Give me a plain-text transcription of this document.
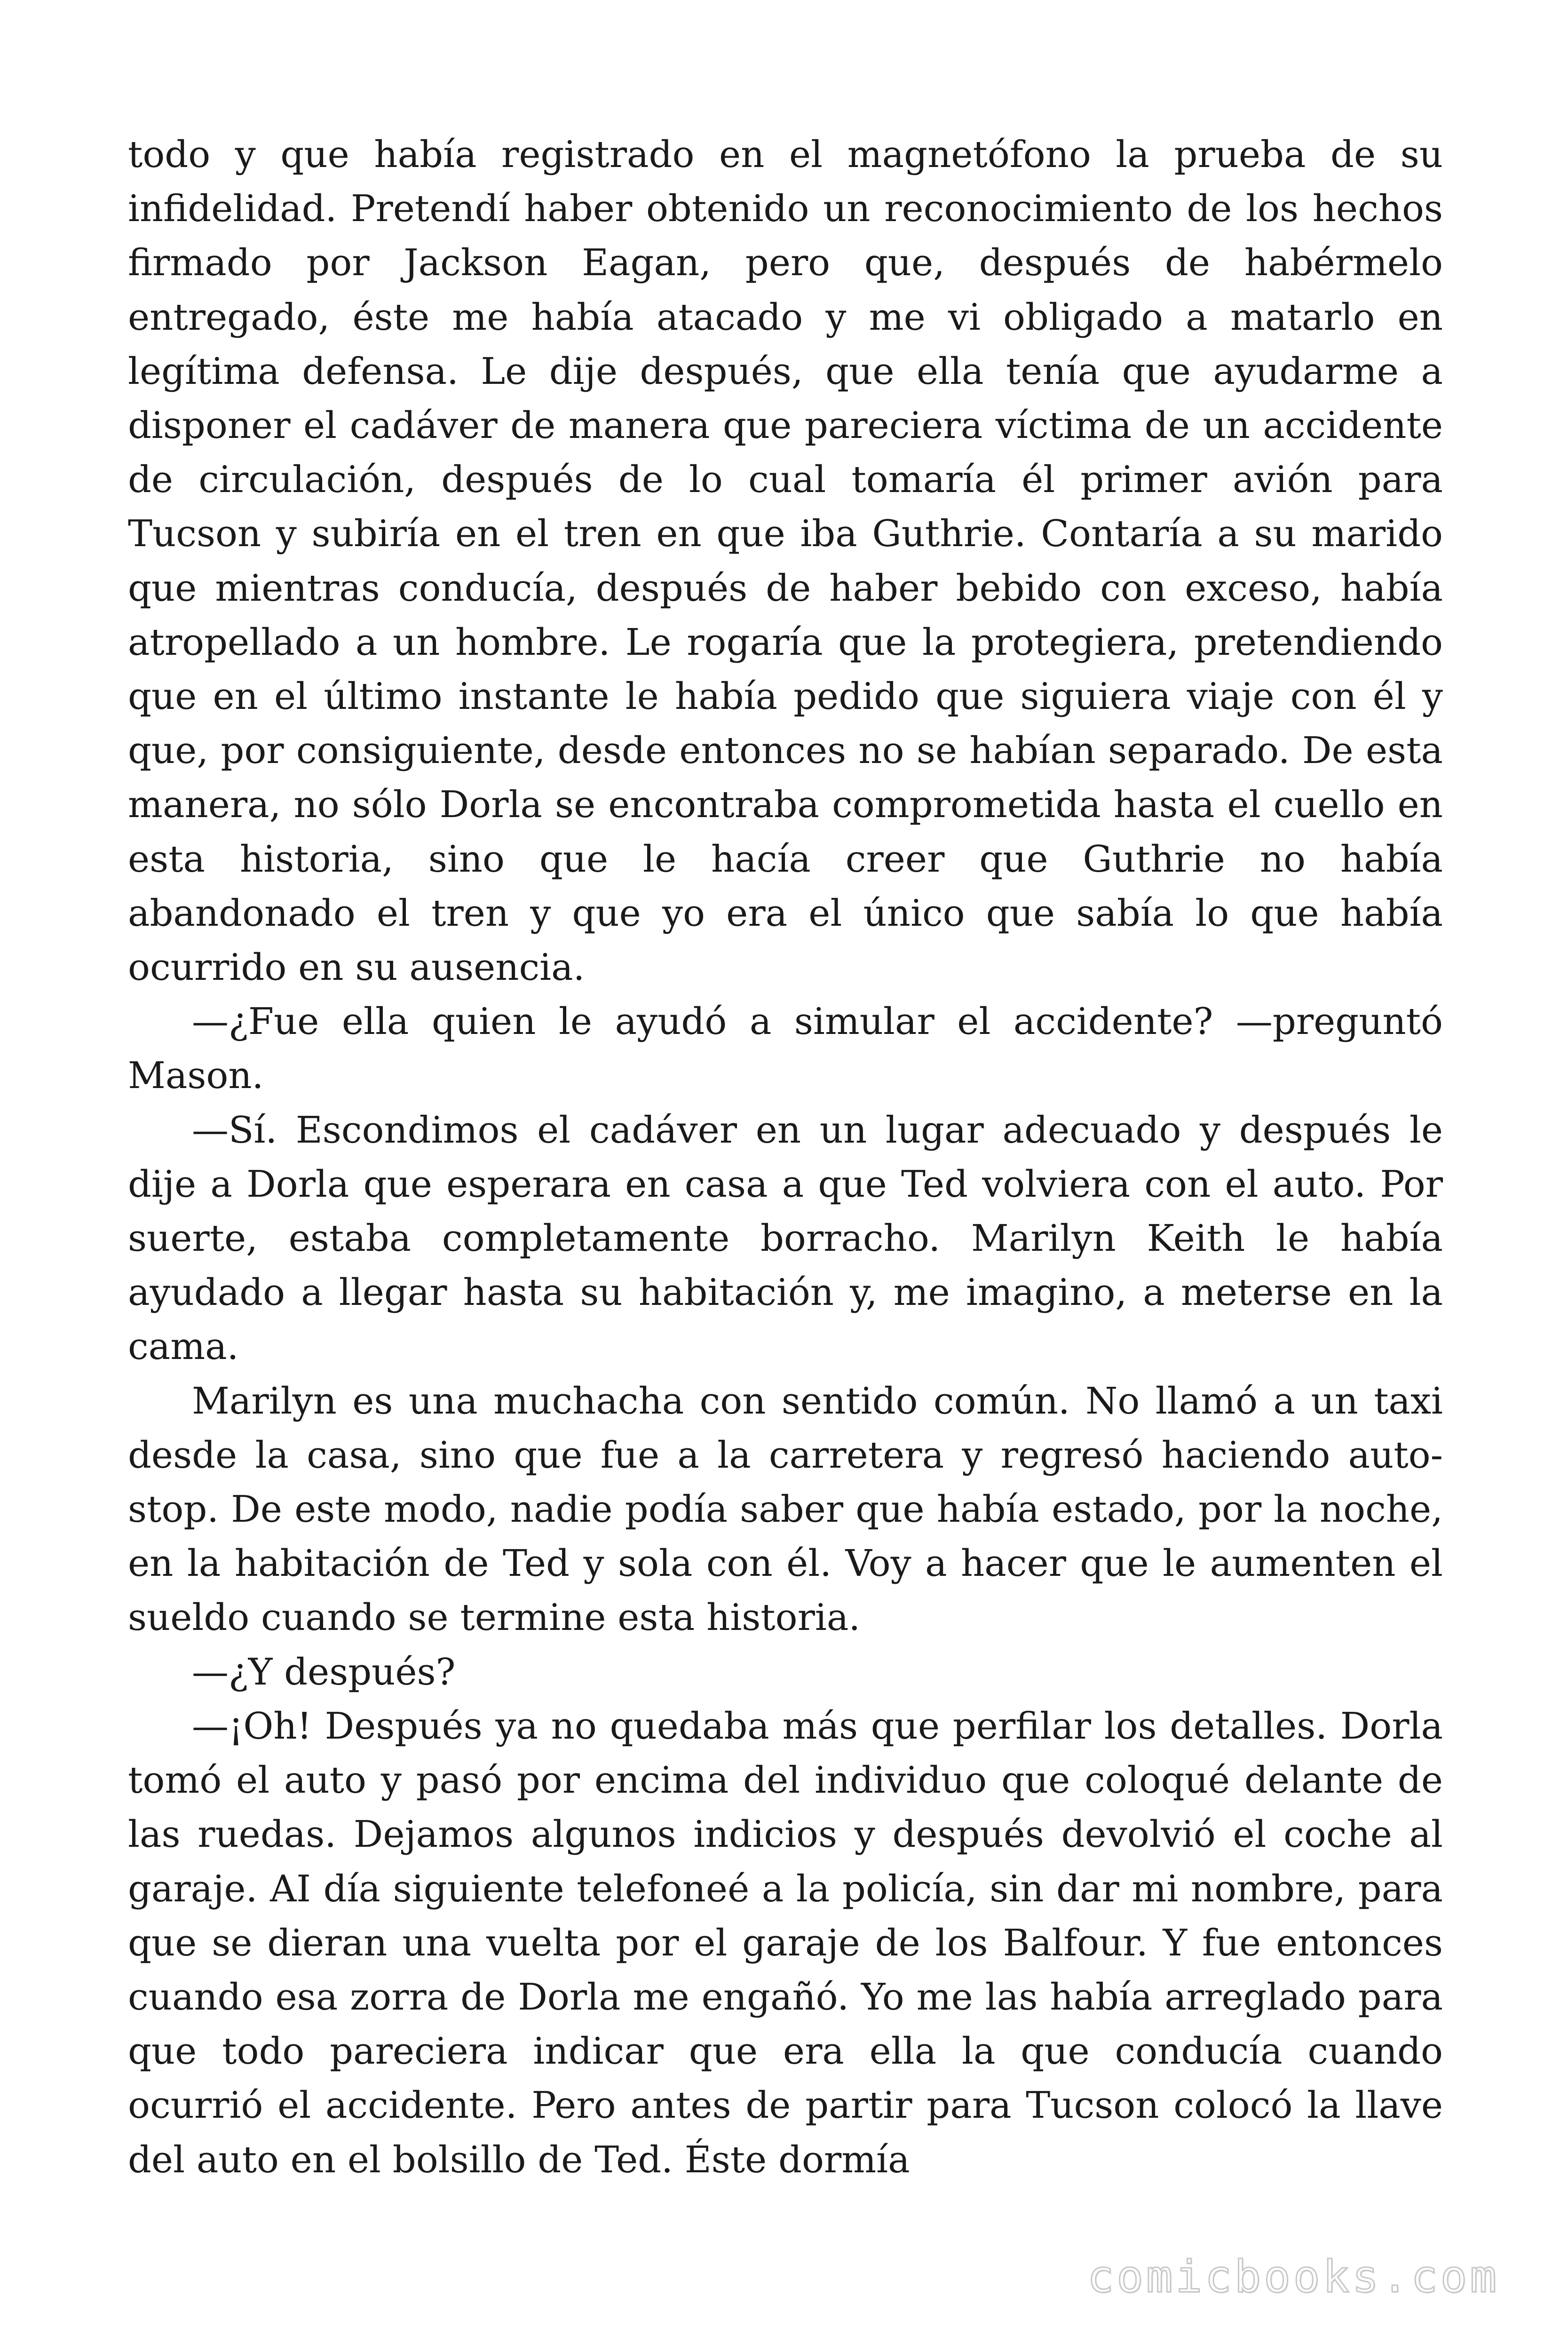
todo y que había registrado en el magnetófono la prueba de su infidelidad. Pretendí haber obtenido un reconocimiento de los hechos firmado por Jackson Eagan, pero que, después de habérmelo entregado, éste me había atacado y me vi obligado a matarlo en legítima defensa. Le dije después, que ella tenía que ayudarme a disponer el cadáver de manera que pareciera víctima de un accidente de circulación, después de lo cual tomaría él primer avión para Tucson y subiría en el tren en que iba Guthrie. Contaría a su marido que mientras conducía, después de haber bebido con exceso, había atropellado a un hombre. Le rogaría que la protegiera, pretendiendo que en el último instante le había pedido que siguiera viaje con él y que, por consiguiente, desde entonces no se habían separado. De esta manera, no sólo Dorla se encontraba comprometida hasta el cuello en esta historia, sino que le hacía creer que Guthrie no había abandonado el tren y que yo era el único que sabía lo que había ocurrido en su ausencia.

—¿Fue ella quien le ayudó a simular el accidente? —preguntó Mason.

—Sí. Escondimos el cadáver en un lugar adecuado y después le dije a Dorla que esperara en casa a que Ted volviera con el auto. Por suerte, estaba completamente borracho. Marilyn Keith le había ayudado a llegar hasta su habitación y, me imagino, a meterse en la cama.

Marilyn es una muchacha con sentido común. No llamó a un taxi desde la casa, sino que fue a la carretera y regresó haciendo auto-stop. De este modo, nadie podía saber que había estado, por la noche, en la habitación de Ted y sola con él. Voy a hacer que le aumenten el sueldo cuando se termine esta historia.

—¿Y después?

—¡Oh! Después ya no quedaba más que perfilar los detalles. Dorla tomó el auto y pasó por encima del individuo que coloqué delante de las ruedas. Dejamos algunos indicios y después devolvió el coche al garaje. AI día siguiente telefoneé a la policía, sin dar mi nombre, para que se dieran una vuelta por el garaje de los Balfour. Y fue entonces cuando esa zorra de Dorla me engañó. Yo me las había arreglado para que todo pareciera indicar que era ella la que conducía cuando ocurrió el accidente. Pero antes de partir para Tucson colocó la llave del auto en el bolsillo de Ted. Éste dormía

comicbooks.com
